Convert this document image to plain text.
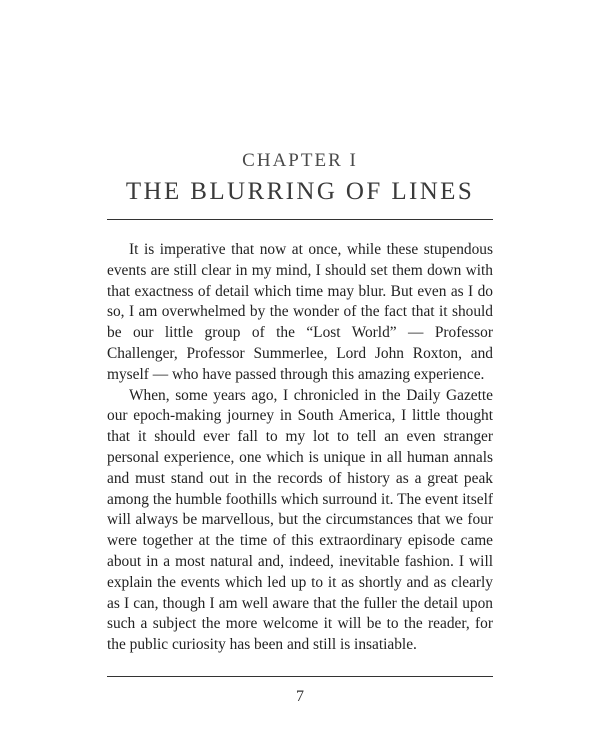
CHAPTER I
THE BLURRING OF LINES

It is imperative that now at once, while these stupendous events are still clear in my mind, I should set them down with that exactness of detail which time may blur. But even as I do so, I am overwhelmed by the wonder of the fact that it should be our little group of the “Lost World” — Professor Challenger, Professor Summerlee, Lord John Roxton, and myself — who have passed through this amazing experience.

When, some years ago, I chronicled in the Daily Gazette our epoch-making journey in South America, I little thought that it should ever fall to my lot to tell an even stranger personal experience, one which is unique in all human annals and must stand out in the records of history as a great peak among the humble foothills which surround it. The event itself will always be marvellous, but the circumstances that we four were together at the time of this extraordinary episode came about in a most natural and, indeed, inevitable fashion. I will explain the events which led up to it as shortly and as clearly as I can, though I am well aware that the fuller the detail upon such a subject the more welcome it will be to the reader, for the public curiosity has been and still is insatiable.

7
